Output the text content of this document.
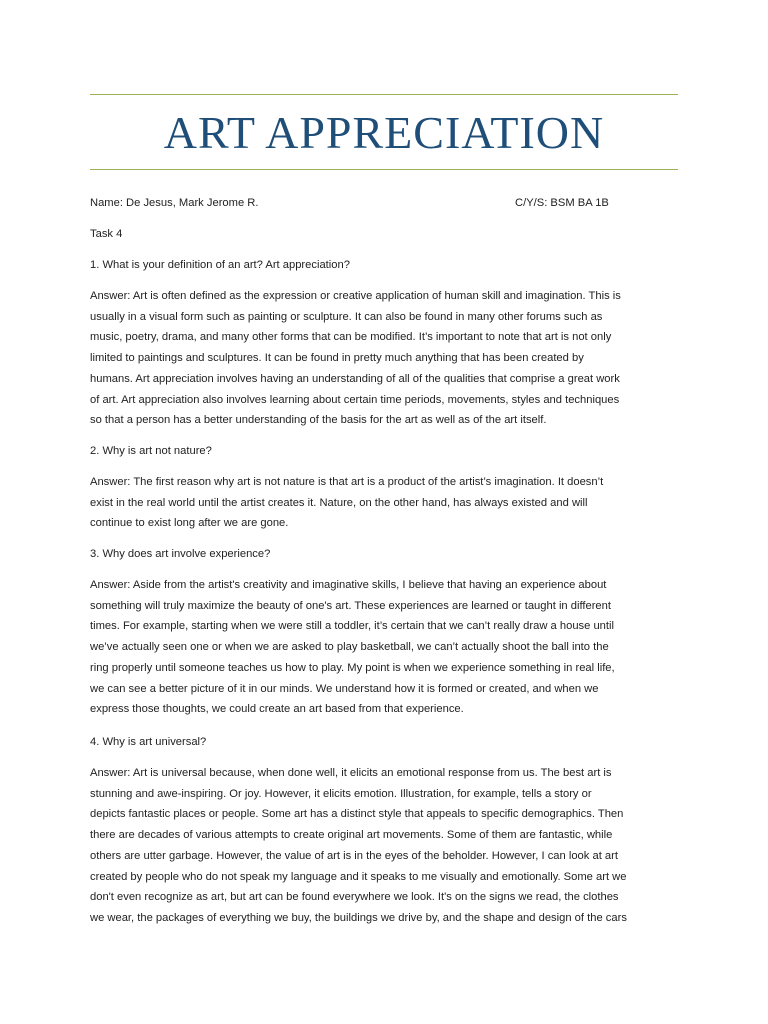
ART APPRECIATION
Name: De Jesus, Mark Jerome R.	C/Y/S: BSM BA 1B
Task 4
1. What is your definition of an art? Art appreciation?
Answer: Art is often defined as the expression or creative application of human skill and imagination. This is
usually in a visual form such as painting or sculpture. It can also be found in many other forums such as
music, poetry, drama, and many other forms that can be modified. It’s important to note that art is not only
limited to paintings and sculptures. It can be found in pretty much anything that has been created by
humans. Art appreciation involves having an understanding of all of the qualities that comprise a great work
of art. Art appreciation also involves learning about certain time periods, movements, styles and techniques
so that a person has a better understanding of the basis for the art as well as of the art itself.
2. Why is art not nature?
Answer: The first reason why art is not nature is that art is a product of the artist’s imagination. It doesn’t
exist in the real world until the artist creates it. Nature, on the other hand, has always existed and will
continue to exist long after we are gone.
3. Why does art involve experience?
Answer: Aside from the artist's creativity and imaginative skills, I believe that having an experience about
something will truly maximize the beauty of one's art. These experiences are learned or taught in different
times. For example, starting when we were still a toddler, it’s certain that we can’t really draw a house until
we’ve actually seen one or when we are asked to play basketball, we can’t actually shoot the ball into the
ring properly until someone teaches us how to play. My point is when we experience something in real life,
we can see a better picture of it in our minds. We understand how it is formed or created, and when we
express those thoughts, we could create an art based from that experience.
4. Why is art universal?
Answer: Art is universal because, when done well, it elicits an emotional response from us. The best art is
stunning and awe-inspiring. Or joy. However, it elicits emotion. Illustration, for example, tells a story or
depicts fantastic places or people. Some art has a distinct style that appeals to specific demographics. Then
there are decades of various attempts to create original art movements. Some of them are fantastic, while
others are utter garbage. However, the value of art is in the eyes of the beholder. However, I can look at art
created by people who do not speak my language and it speaks to me visually and emotionally. Some art we
don't even recognize as art, but art can be found everywhere we look. It's on the signs we read, the clothes
we wear, the packages of everything we buy, the buildings we drive by, and the shape and design of the cars
